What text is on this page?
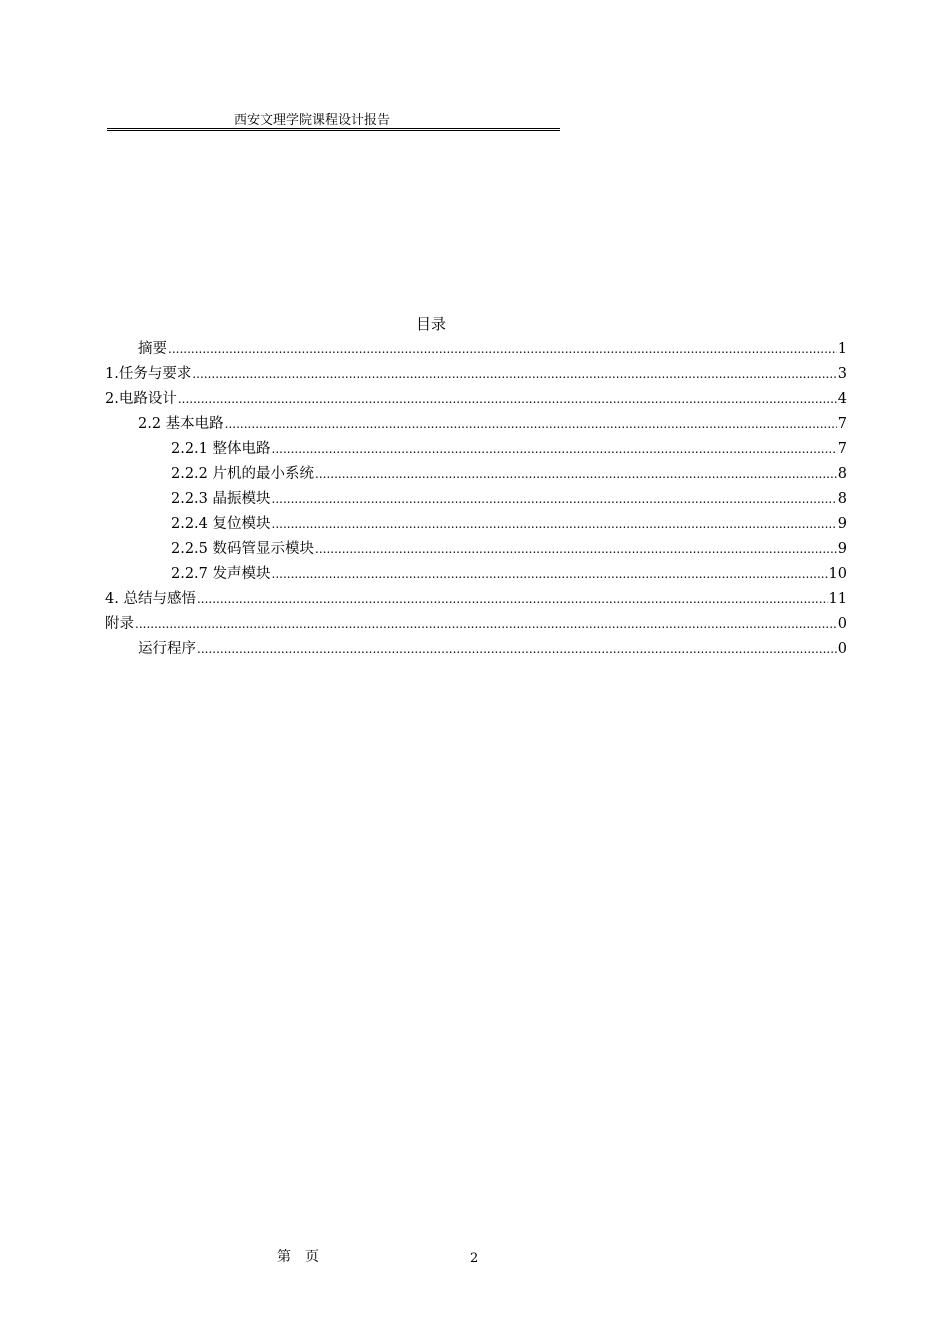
西安文理学院课程设计报告
目录
摘要 .....	1
1.任务与要求 .....	3
2.电路设计 .....	4
2.2 基本电路 .....	7
2.2.1 整体电路 .....	7
2.2.2 片机的最小系统 .....	8
2.2.3 晶振模块 .....	8
2.2.4 复位模块 .....	9
2.2.5 数码管显示模块 .....	9
2.2.7 发声模块 .....	10
4. 总结与感悟 .....	11
附录 .....	0
运行程序 .....	0
第　页	2
